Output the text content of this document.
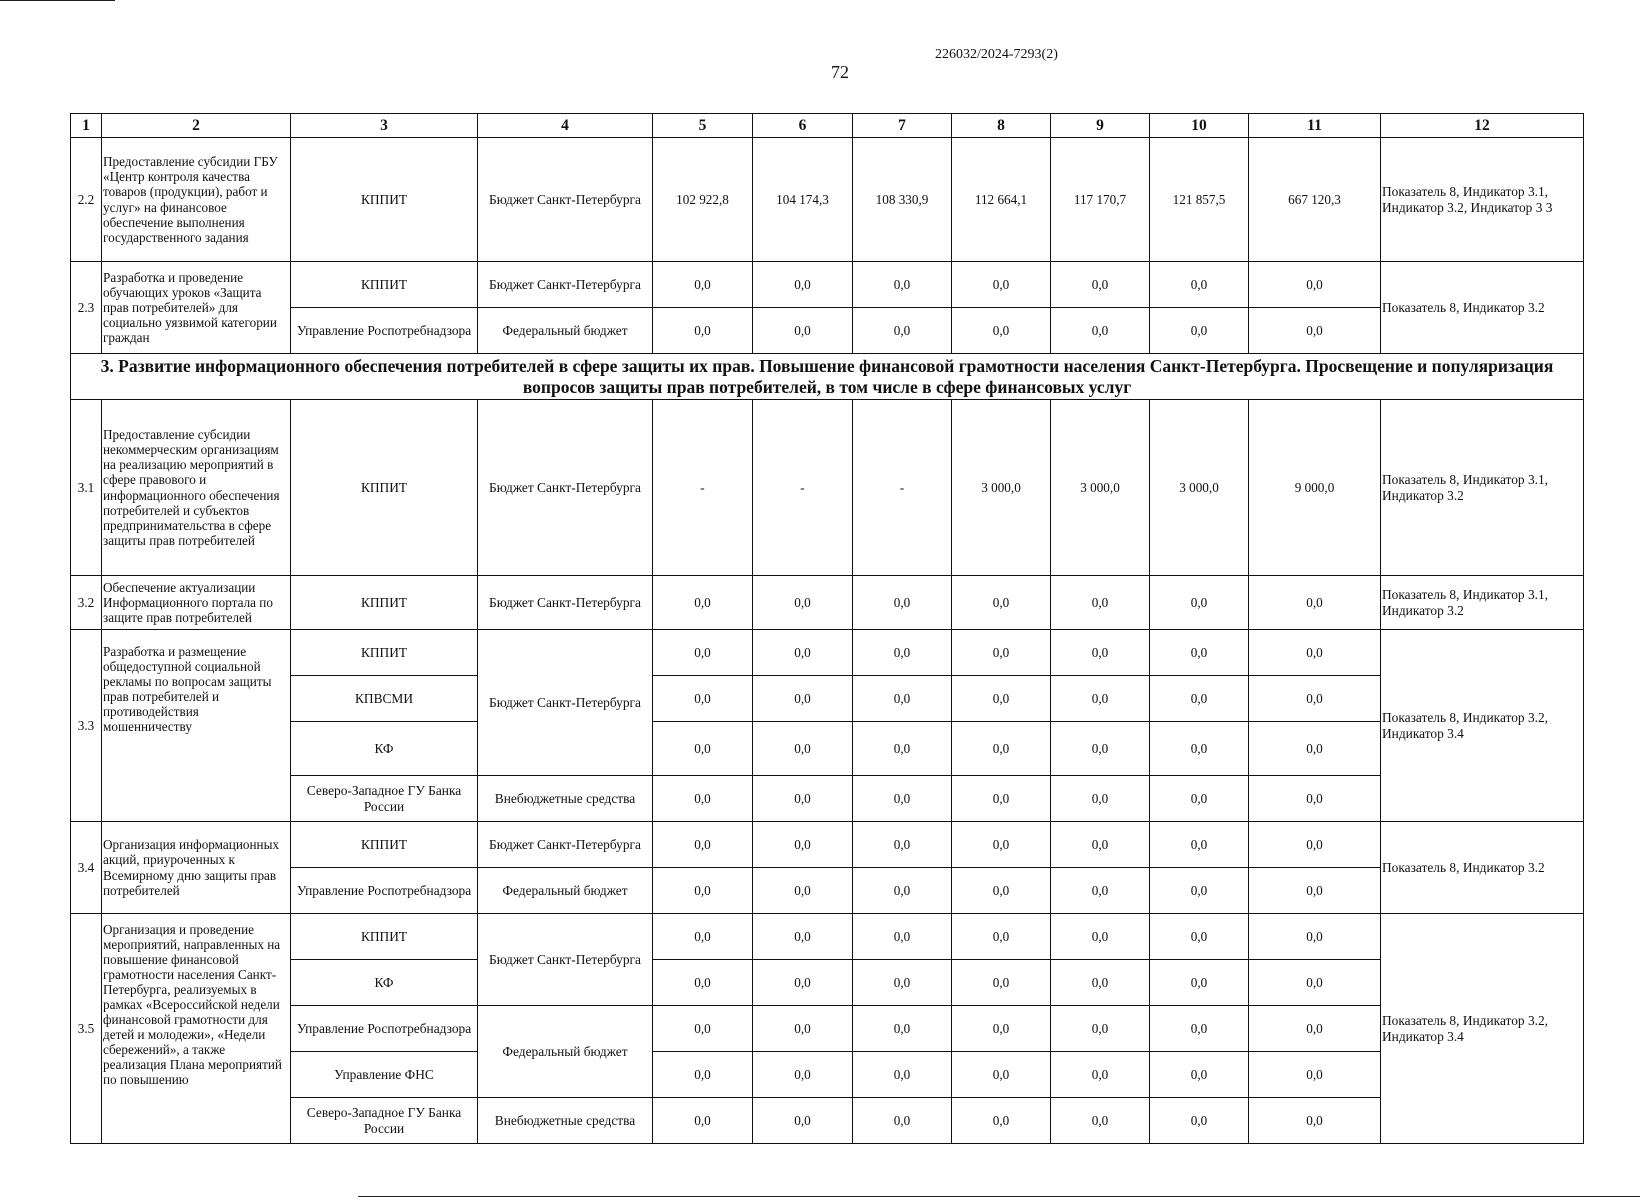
226032/2024-7293(2)
72
1	2	3	4	5	6	7	8	9	10	11	12
2.2	Предоставление субсидии ГБУ «Центр контроля качества товаров (продукции), работ и услуг» на финансовое обеспечение выполнения государственного задания	КППИТ	Бюджет Санкт-Петербурга	102 922,8	104 174,3	108 330,9	112 664,1	117 170,7	121 857,5	667 120,3	Показатель 8, Индикатор 3.1, Индикатор 3.2, Индикатор 3 3
2.3	Разработка и проведение обучающих уроков «Защита прав потребителей» для социально уязвимой категории граждан	КППИТ	Бюджет Санкт-Петербурга	0,0	0,0	0,0	0,0	0,0	0,0	0,0	Показатель 8, Индикатор 3.2
		Управление Роспотребнадзора	Федеральный бюджет	0,0	0,0	0,0	0,0	0,0	0,0	0,0	
3. Развитие информационного обеспечения потребителей в сфере защиты их прав. Повышение финансовой грамотности населения Санкт-Петербурга. Просвещение и популяризация вопросов защиты прав потребителей, в том числе в сфере финансовых услуг											
3.1	Предоставление субсидии некоммерческим организациям на реализацию мероприятий в сфере правового и информационного обеспечения потребителей и субъектов предпринимательства в сфере защиты прав потребителей	КППИТ	Бюджет Санкт-Петербурга	-	-	-	3 000,0	3 000,0	3 000,0	9 000,0	Показатель 8, Индикатор 3.1, Индикатор 3.2
3.2	Обеспечение актуализации Информационного портала по защите прав потребителей	КППИТ	Бюджет Санкт-Петербурга	0,0	0,0	0,0	0,0	0,0	0,0	0,0	Показатель 8, Индикатор 3.1, Индикатор 3.2
3.3	Разработка и размещение общедоступной социальной рекламы по вопросам защиты прав потребителей и противодействия мошенничеству	КППИТ	Бюджет Санкт-Петербурга	0,0	0,0	0,0	0,0	0,0	0,0	0,0	Показатель 8, Индикатор 3.2, Индикатор 3.4
		КПВСМИ		0,0	0,0	0,0	0,0	0,0	0,0	0,0	
		КФ		0,0	0,0	0,0	0,0	0,0	0,0	0,0	
		Северо-Западное ГУ Банка России	Внебюджетные средства	0,0	0,0	0,0	0,0	0,0	0,0	0,0	
3.4	Организация информационных акций, приуроченных к Всемирному дню защиты прав потребителей	КППИТ	Бюджет Санкт-Петербурга	0,0	0,0	0,0	0,0	0,0	0,0	0,0	Показатель 8, Индикатор 3.2
		Управление Роспотребнадзора	Федеральный бюджет	0,0	0,0	0,0	0,0	0,0	0,0	0,0	
3.5	Организация и проведение мероприятий, направленных на повышение финансовой грамотности населения Санкт-Петербурга, реализуемых в рамках «Всероссийской недели финансовой грамотности для детей и молодежи», «Недели сбережений», а также реализация Плана мероприятий по повышению	КППИТ	Бюджет Санкт-Петербурга	0,0	0,0	0,0	0,0	0,0	0,0	0,0	Показатель 8, Индикатор 3.2, Индикатор 3.4
		КФ		0,0	0,0	0,0	0,0	0,0	0,0	0,0	
		Управление Роспотребнадзора	Федеральный бюджет	0,0	0,0	0,0	0,0	0,0	0,0	0,0	
		Управление ФНС		0,0	0,0	0,0	0,0	0,0	0,0	0,0	
		Северо-Западное ГУ Банка России	Внебюджетные средства	0,0	0,0	0,0	0,0	0,0	0,0	0,0	
